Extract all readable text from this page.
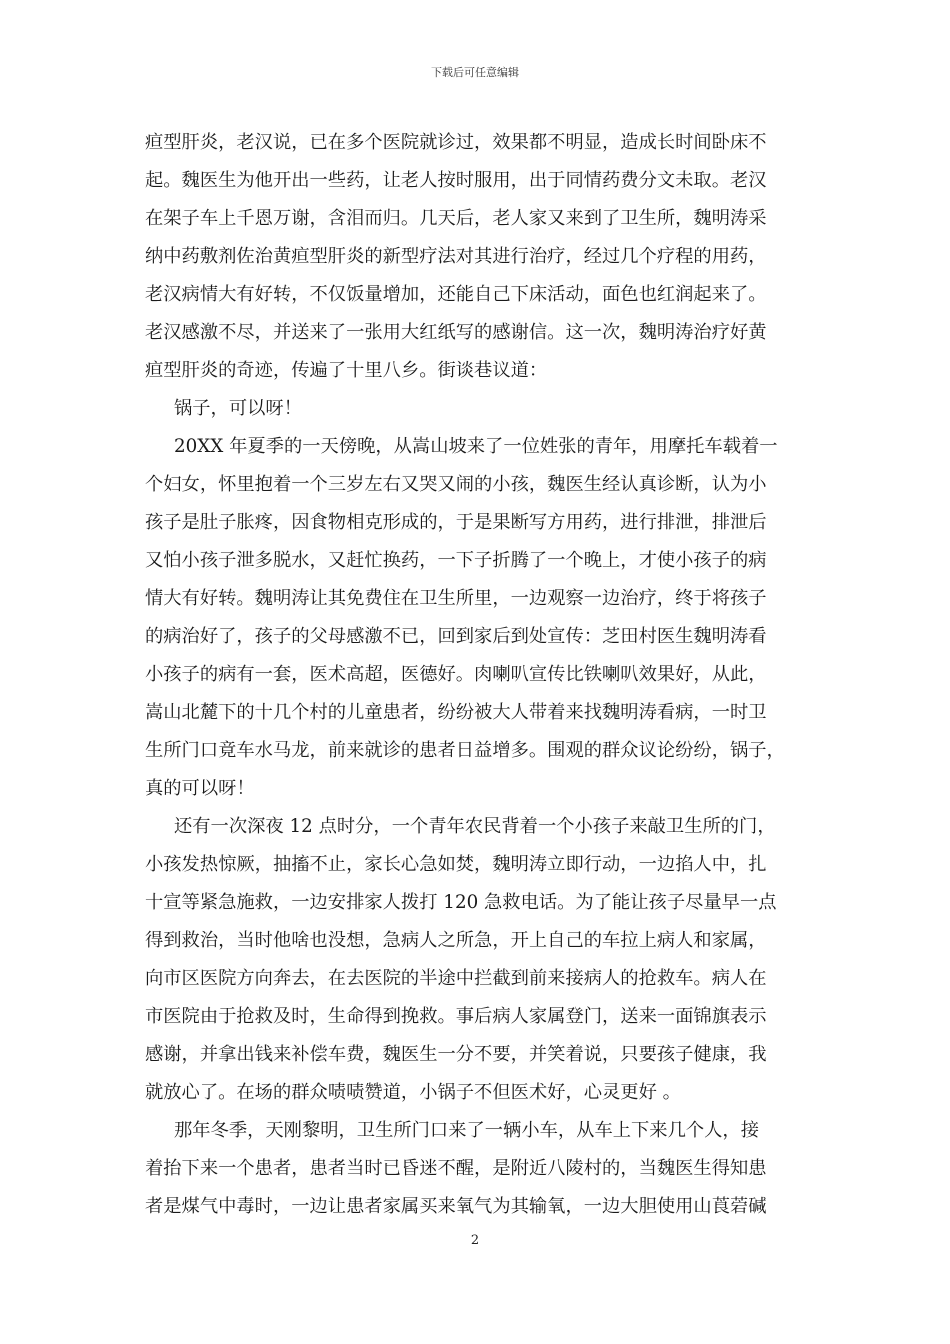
下载后可任意编辑
疸型肝炎，老汉说，已在多个医院就诊过，效果都不明显，造成长时间卧床不
起。魏医生为他开出一些药，让老人按时服用，出于同情药费分文未取。老汉
在架子车上千恩万谢，含泪而归。几天后，老人家又来到了卫生所，魏明涛采
纳中药敷剂佐治黄疸型肝炎的新型疗法对其进行治疗，经过几个疗程的用药，
老汉病情大有好转，不仅饭量增加，还能自己下床活动，面色也红润起来了。
老汉感激不尽，并送来了一张用大红纸写的感谢信。这一次，魏明涛治疗好黄
疸型肝炎的奇迹，传遍了十里八乡。街谈巷议道：
锅子，可以呀！
20XX 年夏季的一天傍晚，从嵩山坡来了一位姓张的青年，用摩托车载着一
个妇女，怀里抱着一个三岁左右又哭又闹的小孩，魏医生经认真诊断，认为小
孩子是肚子胀疼，因食物相克形成的，于是果断写方用药，进行排泄，排泄后
又怕小孩子泄多脱水，又赶忙换药，一下子折腾了一个晚上，才使小孩子的病
情大有好转。魏明涛让其免费住在卫生所里，一边观察一边治疗，终于将孩子
的病治好了，孩子的父母感激不已，回到家后到处宣传：芝田村医生魏明涛看
小孩子的病有一套，医术高超，医德好。肉喇叭宣传比铁喇叭效果好，从此，
嵩山北麓下的十几个村的儿童患者，纷纷被大人带着来找魏明涛看病，一时卫
生所门口竟车水马龙，前来就诊的患者日益增多。围观的群众议论纷纷，锅子，
真的可以呀！
还有一次深夜 12 点时分，一个青年农民背着一个小孩子来敲卫生所的门，
小孩发热惊厥，抽搐不止，家长心急如焚，魏明涛立即行动，一边掐人中，扎
十宣等紧急施救，一边安排家人拨打 120 急救电话。为了能让孩子尽量早一点
得到救治，当时他啥也没想，急病人之所急，开上自己的车拉上病人和家属，
向市区医院方向奔去，在去医院的半途中拦截到前来接病人的抢救车。病人在
市医院由于抢救及时，生命得到挽救。事后病人家属登门，送来一面锦旗表示
感谢，并拿出钱来补偿车费，魏医生一分不要，并笑着说，只要孩子健康，我
就放心了。在场的群众啧啧赞道，小锅子不但医术好，心灵更好 。
那年冬季，天刚黎明，卫生所门口来了一辆小车，从车上下来几个人，接
着抬下来一个患者，患者当时已昏迷不醒，是附近八陵村的，当魏医生得知患
者是煤气中毒时，一边让患者家属买来氧气为其输氧，一边大胆使用山莨菪碱
2
